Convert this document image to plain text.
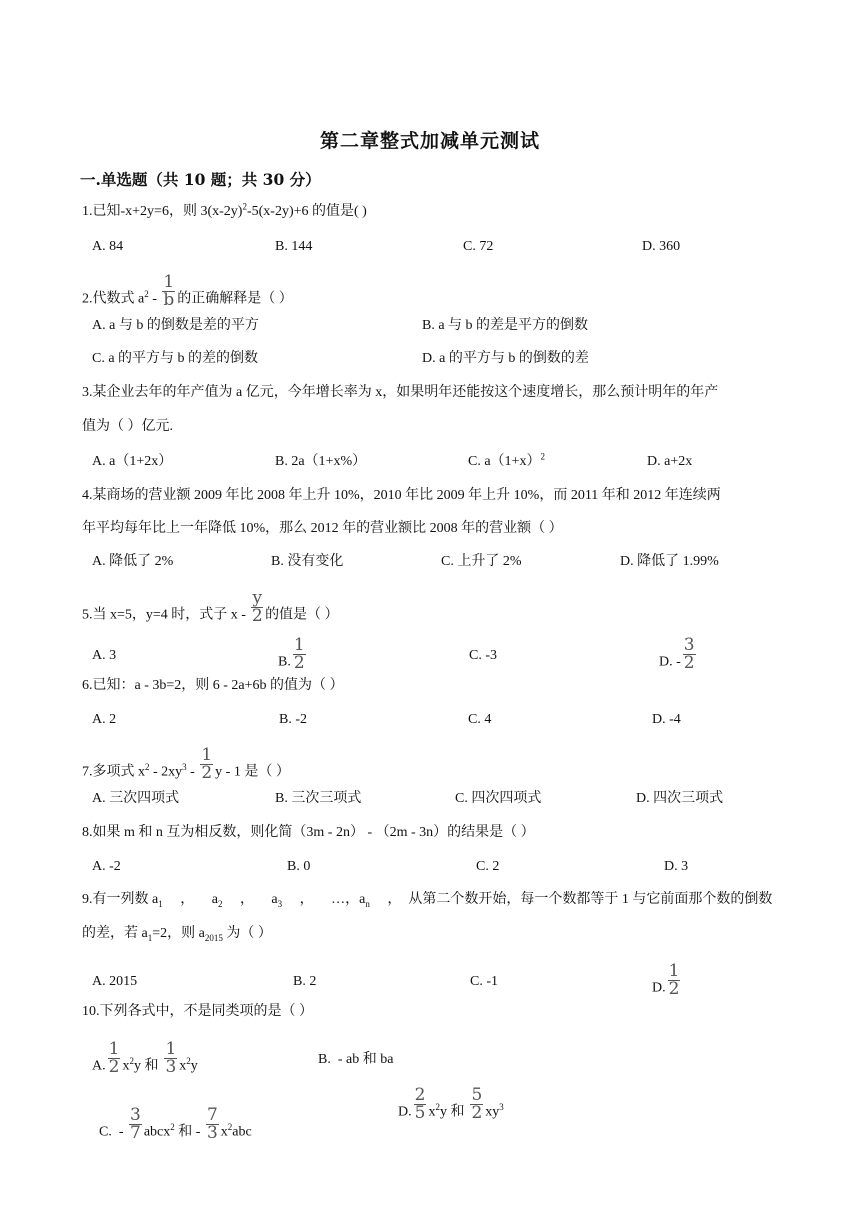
第二章整式加减单元测试
一.单选题（共 10 题；共 30 分）
1.已知-x+2y=6，则 $3(x-2y)^2-5(x-2y)+6$ 的值是( )
A. 84	B. 144	C. 72	D. 360
2.代数式 $a^2 - \frac{1}{b}$ 的正确解释是（ ）
A. a 与 b 的倒数是差的平方	B. a 与 b 的差是平方的倒数
C. a 的平方与 b 的差的倒数	D. a 的平方与 b 的倒数的差
3.某企业去年的年产值为 a 亿元，今年增长率为 x，如果明年还能按这个速度增长，那么预计明年的年产
值为（ ）亿元.
A. a（1+2x）	B. 2a（1+x%）	C. $a(1+x)^2$	D. a+2x
4.某商场的营业额 2009 年比 2008 年上升 10%，2010 年比 2009 年上升 10%，而 2011 年和 2012 年连续两
年平均每年比上一年降低 10%，那么 2012 年的营业额比 2008 年的营业额（ ）
A. 降低了 2%	B. 没有变化	C. 上升了 2%	D. 降低了 1.99%
5.当 x=5，y=4 时，式子 x - $\frac{y}{2}$ 的值是（ ）
A. 3	B. $\frac{1}{2}$	C. -3	D. - $\frac{3}{2}$
6.已知：a - 3b=2，则 6 - 2a+6b 的值为（ ）
A. 2	B. -2	C. 4	D. -4
7.多项式 $x^2 - 2xy^3 - \frac{1}{2}$ y - 1 是（ ）
A. 三次四项式	B. 三次三项式	C. 四次四项式	D. 四次三项式
8.如果 m 和 n 互为相反数，则化简（3m - 2n） - （2m - 3n）的结果是（ ）
A. -2	B. 0	C. 2	D. 3
9.有一列数 $a_1$     ，     $a_2$     ，     $a_3$     ，     …，$a_n$     ，  从第二个数开始，每一个数都等于 1 与它前面那个数的倒数
的差，若 $a_1=2$，则 $a_{2015}$ 为（ ）
A. 2015	B. 2	C. -1	D. $\frac{1}{2}$
10.下列各式中，不是同类项的是（ ）
A. $\frac{1}{2} x^2y$ 和 $\frac{1}{3} x^2y$	B.  - ab 和 ba

C.  - $\frac{3}{7}$ abcx$^2$ 和 - $\frac{7}{3} x^2abc$

D. $\frac{2}{5} x^2y$ 和 $\frac{5}{2} xy^3$
